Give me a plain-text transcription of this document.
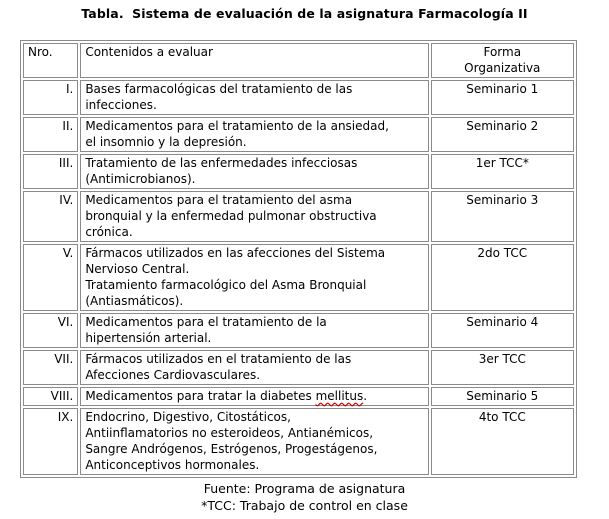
Tabla. Sistema de evaluación de la asignatura Farmacología II
Nro.	Contenidos a evaluar	Forma
Organizativa

I.	Bases farmacológicas del tratamiento de las
infecciones.	Seminario 1
II.	Medicamentos para el tratamiento de la ansiedad,
el insomnio y la depresión.	Seminario 2
III.	Tratamiento de las enfermedades infecciosas
(Antimicrobianos).	1er TCC*
IV.	Medicamentos para el tratamiento del asma
bronquial y la enfermedad pulmonar obstructiva
crónica.	Seminario 3
V.	Fármacos utilizados en las afecciones del Sistema
Nervioso Central.
Tratamiento farmacológico del Asma Bronquial
(Antiasmáticos).	2do TCC
VI.	Medicamentos para el tratamiento de la
hipertensión arterial.	Seminario 4
VII.	Fármacos utilizados en el tratamiento de las
Afecciones Cardiovasculares.	3er TCC
VIII.	Medicamentos para tratar la diabetes mellitus.	Seminario 5
IX.	Endocrino, Digestivo, Citostáticos,
Antiinflamatorios no esteroideos, Antianémicos,
Sangre Andrógenos, Estrógenos, Progestágenos,
Anticonceptivos hormonales.	4to TCC
Fuente: Programa de asignatura
*TCC: Trabajo de control en clase
